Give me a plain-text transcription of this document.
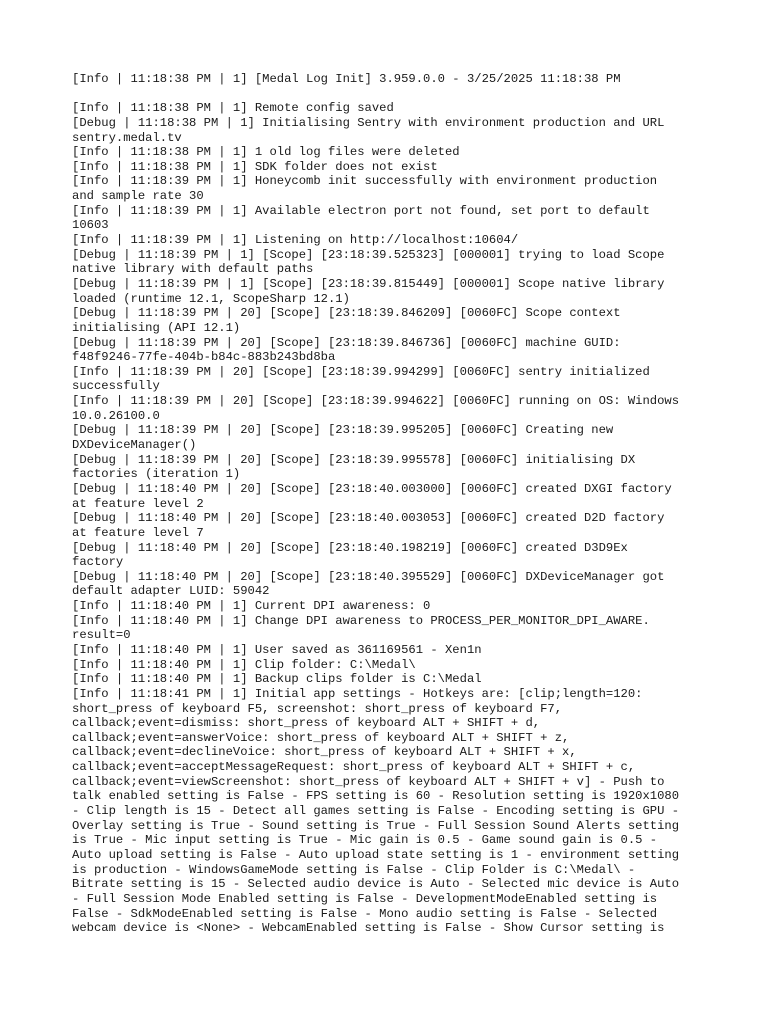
[Info | 11:18:38 PM | 1] [Medal Log Init] 3.959.0.0 - 3/25/2025 11:18:38 PM
[Info | 11:18:38 PM | 1] Remote config saved
[Debug | 11:18:38 PM | 1] Initialising Sentry with environment production and URL
sentry.medal.tv
[Info | 11:18:38 PM | 1] 1 old log files were deleted
[Info | 11:18:38 PM | 1] SDK folder does not exist
[Info | 11:18:39 PM | 1] Honeycomb init successfully with environment production
and sample rate 30
[Info | 11:18:39 PM | 1] Available electron port not found, set port to default
10603
[Info | 11:18:39 PM | 1] Listening on http://localhost:10604/
[Debug | 11:18:39 PM | 1] [Scope] [23:18:39.525323] [000001] trying to load Scope
native library with default paths
[Debug | 11:18:39 PM | 1] [Scope] [23:18:39.815449] [000001] Scope native library
loaded (runtime 12.1, ScopeSharp 12.1)
[Debug | 11:18:39 PM | 20] [Scope] [23:18:39.846209] [0060FC] Scope context
initialising (API 12.1)
[Debug | 11:18:39 PM | 20] [Scope] [23:18:39.846736] [0060FC] machine GUID:
f48f9246-77fe-404b-b84c-883b243bd8ba
[Info | 11:18:39 PM | 20] [Scope] [23:18:39.994299] [0060FC] sentry initialized
successfully
[Info | 11:18:39 PM | 20] [Scope] [23:18:39.994622] [0060FC] running on OS: Windows
10.0.26100.0
[Debug | 11:18:39 PM | 20] [Scope] [23:18:39.995205] [0060FC] Creating new
DXDeviceManager()
[Debug | 11:18:39 PM | 20] [Scope] [23:18:39.995578] [0060FC] initialising DX
factories (iteration 1)
[Debug | 11:18:40 PM | 20] [Scope] [23:18:40.003000] [0060FC] created DXGI factory
at feature level 2
[Debug | 11:18:40 PM | 20] [Scope] [23:18:40.003053] [0060FC] created D2D factory
at feature level 7
[Debug | 11:18:40 PM | 20] [Scope] [23:18:40.198219] [0060FC] created D3D9Ex
factory
[Debug | 11:18:40 PM | 20] [Scope] [23:18:40.395529] [0060FC] DXDeviceManager got
default adapter LUID: 59042
[Info | 11:18:40 PM | 1] Current DPI awareness: 0
[Info | 11:18:40 PM | 1] Change DPI awareness to PROCESS_PER_MONITOR_DPI_AWARE.
result=0
[Info | 11:18:40 PM | 1] User saved as 361169561 - Xen1n
[Info | 11:18:40 PM | 1] Clip folder: C:\Medal\
[Info | 11:18:40 PM | 1] Backup clips folder is C:\Medal
[Info | 11:18:41 PM | 1] Initial app settings - Hotkeys are: [clip;length=120:
short_press of keyboard F5, screenshot: short_press of keyboard F7,
callback;event=dismiss: short_press of keyboard ALT + SHIFT + d,
callback;event=answerVoice: short_press of keyboard ALT + SHIFT + z,
callback;event=declineVoice: short_press of keyboard ALT + SHIFT + x,
callback;event=acceptMessageRequest: short_press of keyboard ALT + SHIFT + c,
callback;event=viewScreenshot: short_press of keyboard ALT + SHIFT + v] - Push to
talk enabled setting is False - FPS setting is 60 - Resolution setting is 1920x1080
- Clip length is 15 - Detect all games setting is False - Encoding setting is GPU -
Overlay setting is True - Sound setting is True - Full Session Sound Alerts setting
is True - Mic input setting is True - Mic gain is 0.5 - Game sound gain is 0.5 -
Auto upload setting is False - Auto upload state setting is 1 - environment setting
is production - WindowsGameMode setting is False - Clip Folder is C:\Medal\ -
Bitrate setting is 15 - Selected audio device is Auto - Selected mic device is Auto
- Full Session Mode Enabled setting is False - DevelopmentModeEnabled setting is
False - SdkModeEnabled setting is False - Mono audio setting is False - Selected
webcam device is <None> - WebcamEnabled setting is False - Show Cursor setting is
